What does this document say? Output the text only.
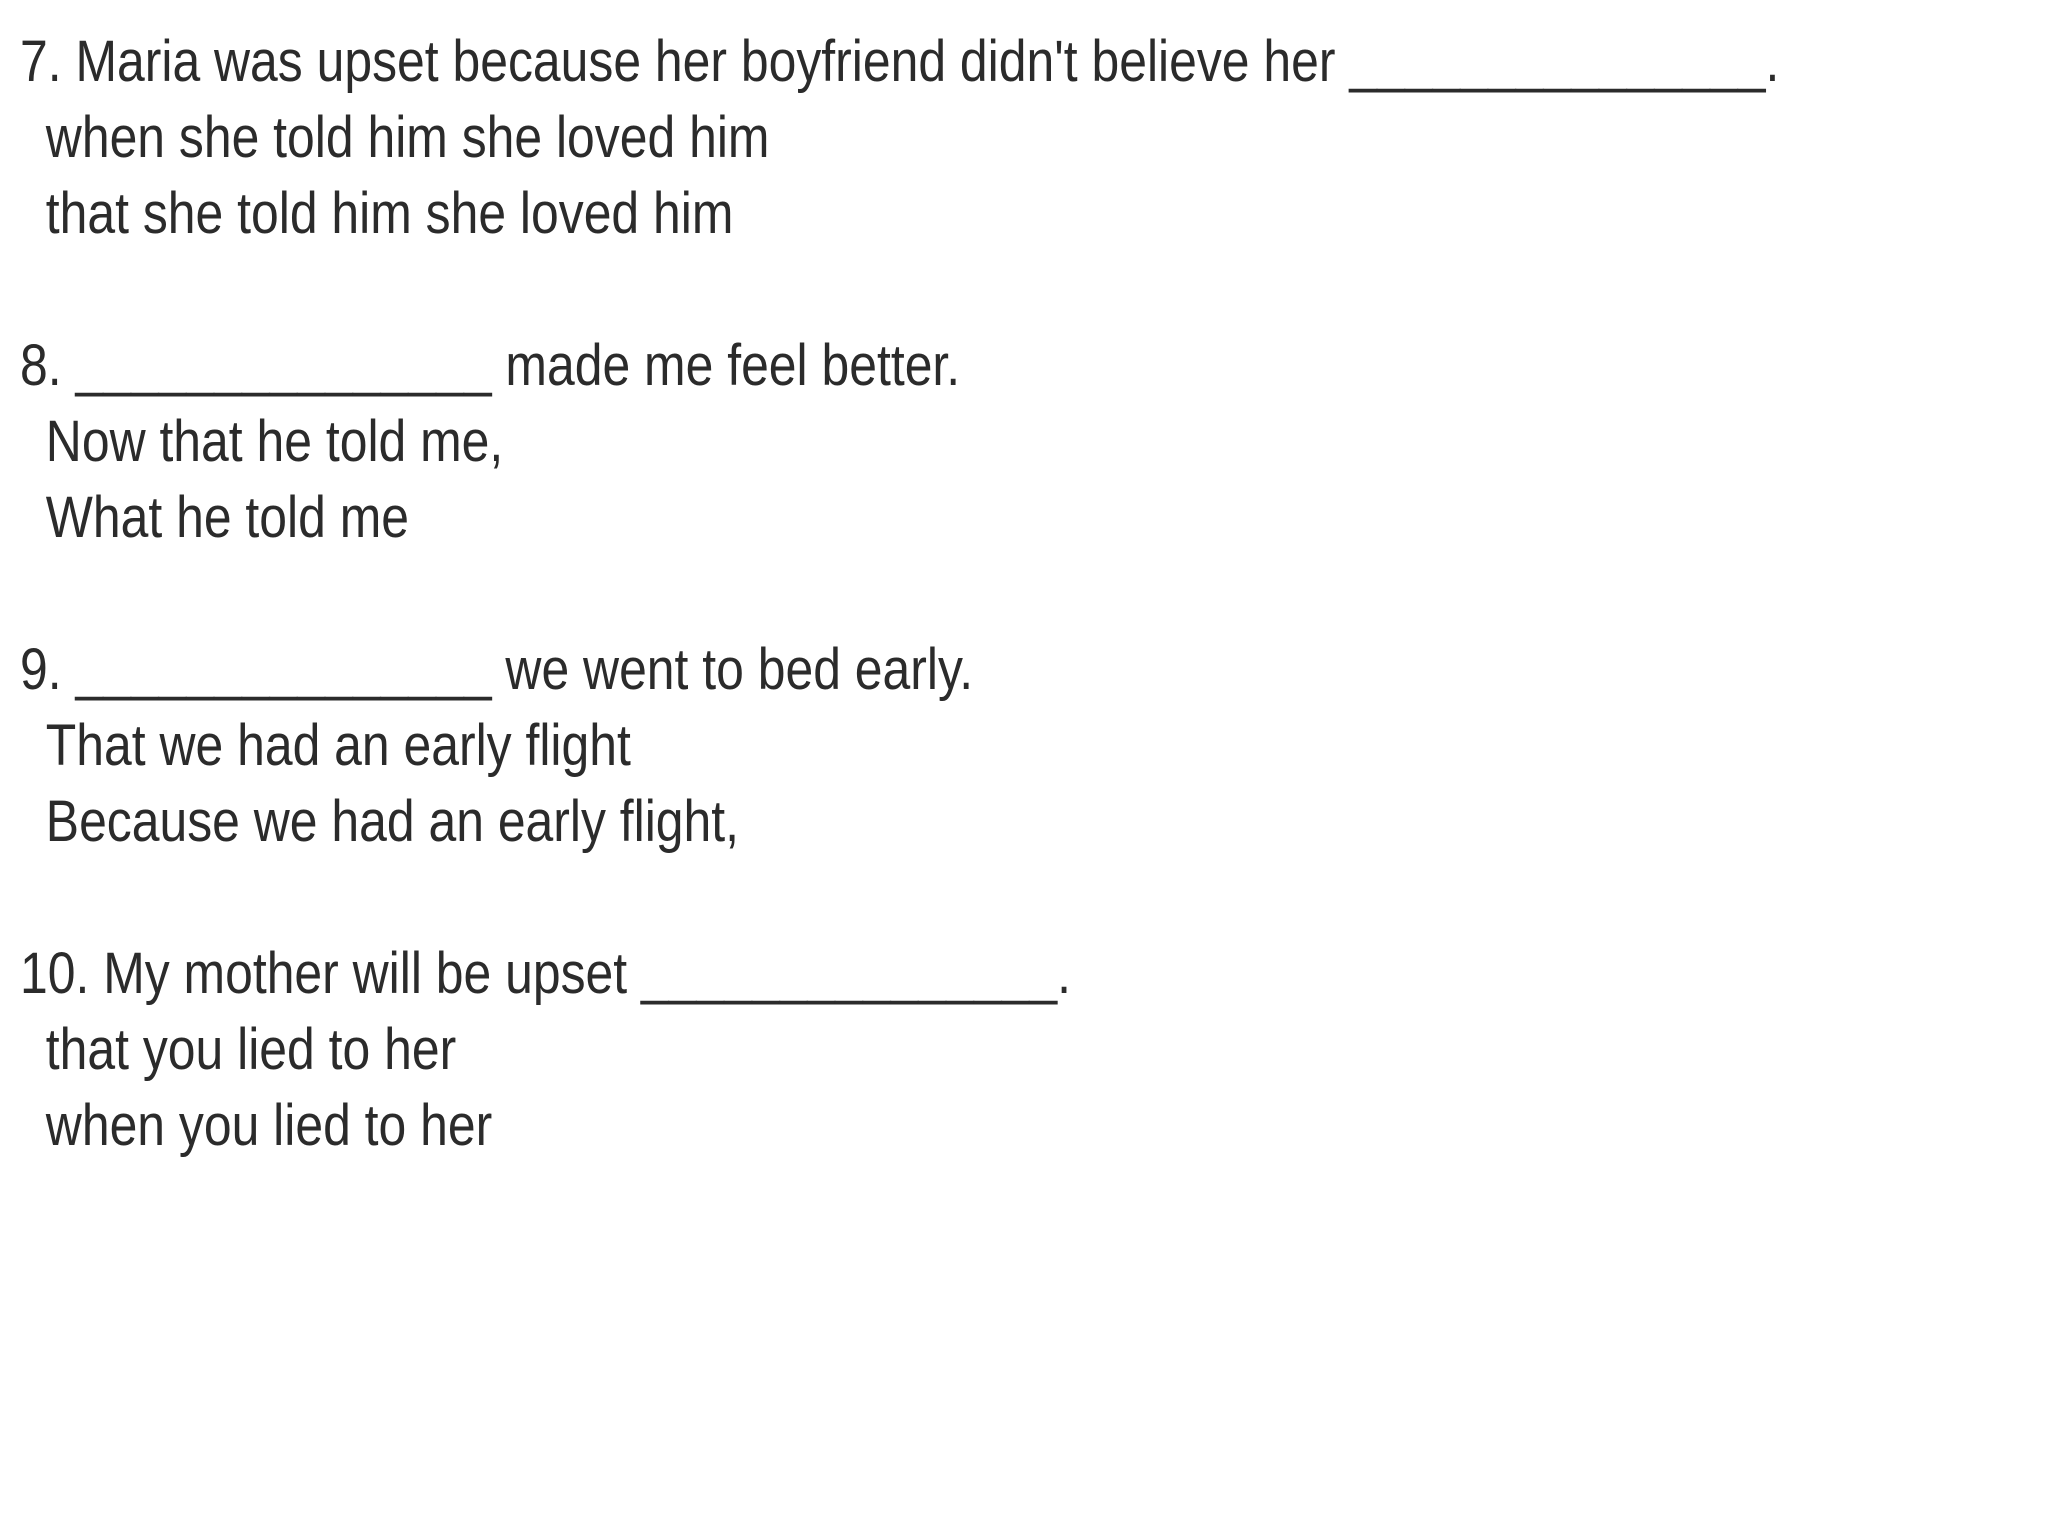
7. Maria was upset because her boyfriend didn't believe her _______________.
when she told him she loved him
that she told him she loved him
8. _______________ made me feel better.
Now that he told me,
What he told me
9. _______________ we went to bed early.
That we had an early flight
Because we had an early flight,
10. My mother will be upset _______________.
that you lied to her
when you lied to her
